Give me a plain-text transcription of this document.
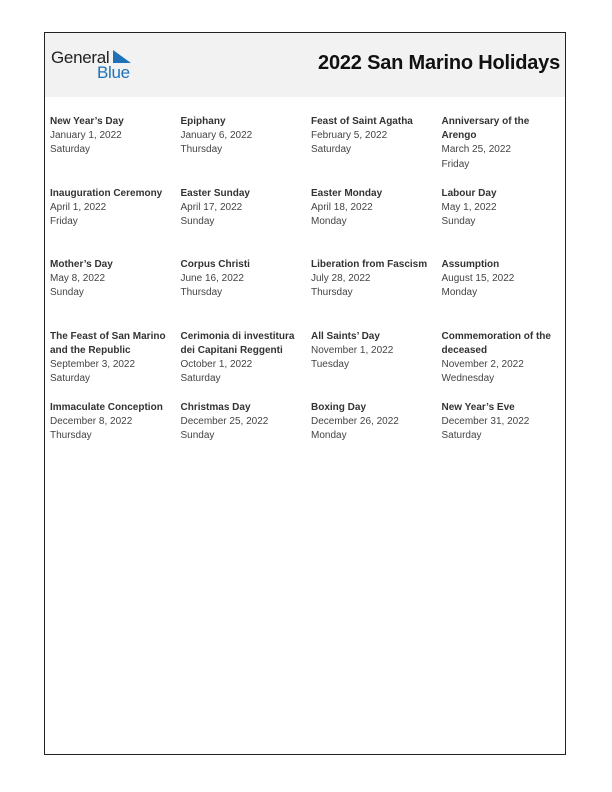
General
Blue	2022 San Marino Holidays
New Year’s Day
January 1, 2022
Saturday
Epiphany
January 6, 2022
Thursday
Feast of Saint Agatha
February 5, 2022
Saturday
Anniversary of the Arengo
March 25, 2022
Friday
Inauguration Ceremony
April 1, 2022
Friday
Easter Sunday
April 17, 2022
Sunday
Easter Monday
April 18, 2022
Monday
Labour Day
May 1, 2022
Sunday
Mother’s Day
May 8, 2022
Sunday
Corpus Christi
June 16, 2022
Thursday
Liberation from Fascism
July 28, 2022
Thursday
Assumption
August 15, 2022
Monday
The Feast of San Marino and the Republic
September 3, 2022
Saturday
Cerimonia di investitura dei Capitani Reggenti
October 1, 2022
Saturday
All Saints’ Day
November 1, 2022
Tuesday
Commemoration of the deceased
November 2, 2022
Wednesday
Immaculate Conception
December 8, 2022
Thursday
Christmas Day
December 25, 2022
Sunday
Boxing Day
December 26, 2022
Monday
New Year’s Eve
December 31, 2022
Saturday
